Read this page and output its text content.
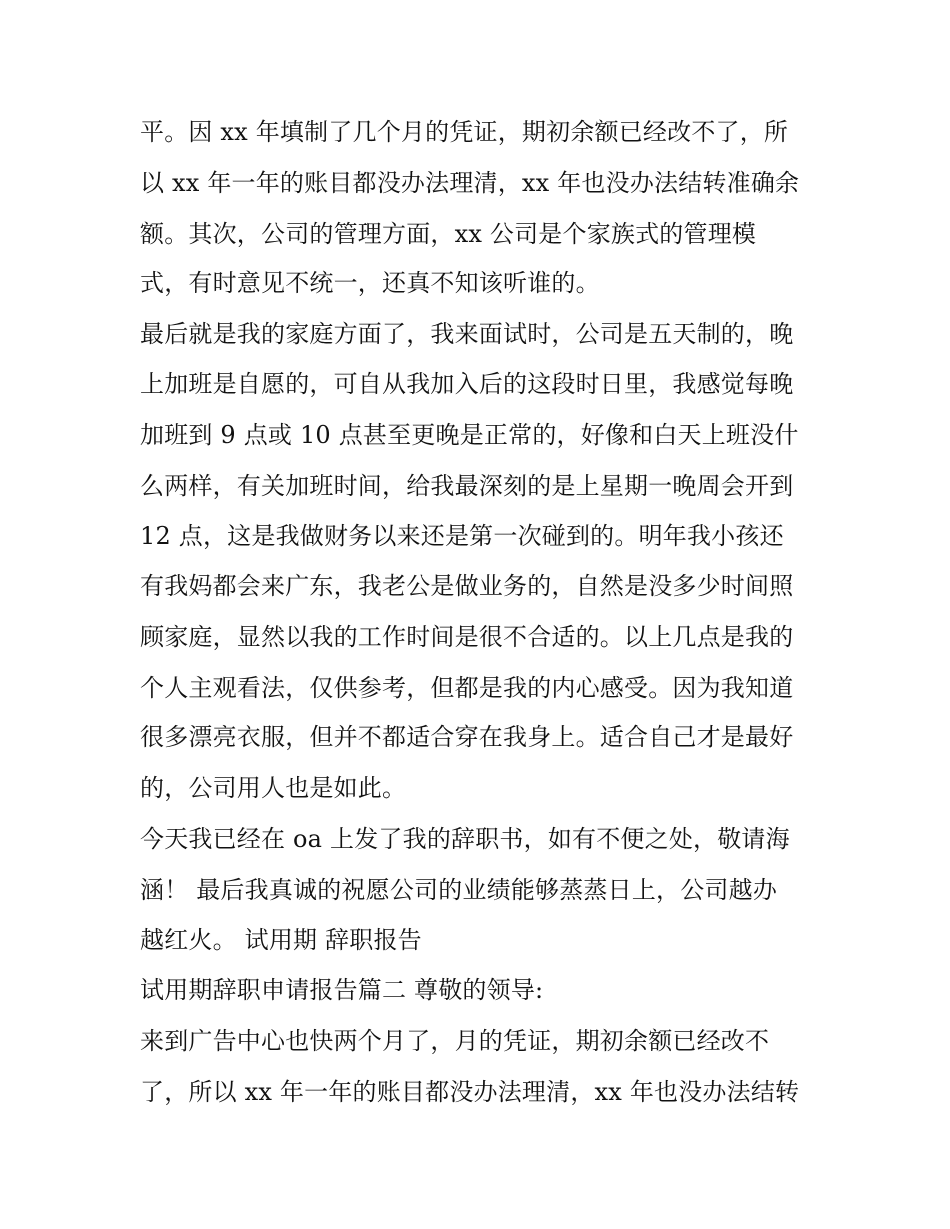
平。因 xx 年填制了几个月的凭证，期初余额已经改不了，所
以 xx 年一年的账目都没办法理清，xx 年也没办法结转准确余
额。其次，公司的管理方面，xx 公司是个家族式的管理模
式，有时意见不统一，还真不知该听谁的。
最后就是我的家庭方面了，我来面试时，公司是五天制的，晚
上加班是自愿的，可自从我加入后的这段时日里，我感觉每晚
加班到 9 点或 10 点甚至更晚是正常的，好像和白天上班没什
么两样，有关加班时间，给我最深刻的是上星期一晚周会开到
12 点，这是我做财务以来还是第一次碰到的。明年我小孩还
有我妈都会来广东，我老公是做业务的，自然是没多少时间照
顾家庭，显然以我的工作时间是很不合适的。以上几点是我的
个人主观看法，仅供参考，但都是我的内心感受。因为我知道
很多漂亮衣服，但并不都适合穿在我身上。适合自己才是最好
的，公司用人也是如此。
今天我已经在 oa 上发了我的辞职书，如有不便之处，敬请海
涵！ 最后我真诚的祝愿公司的业绩能够蒸蒸日上，公司越办
越红火。 试用期 辞职报告
试用期辞职申请报告篇二 尊敬的领导:
来到广告中心也快两个月了，月的凭证，期初余额已经改不
了，所以 xx 年一年的账目都没办法理清，xx 年也没办法结转
